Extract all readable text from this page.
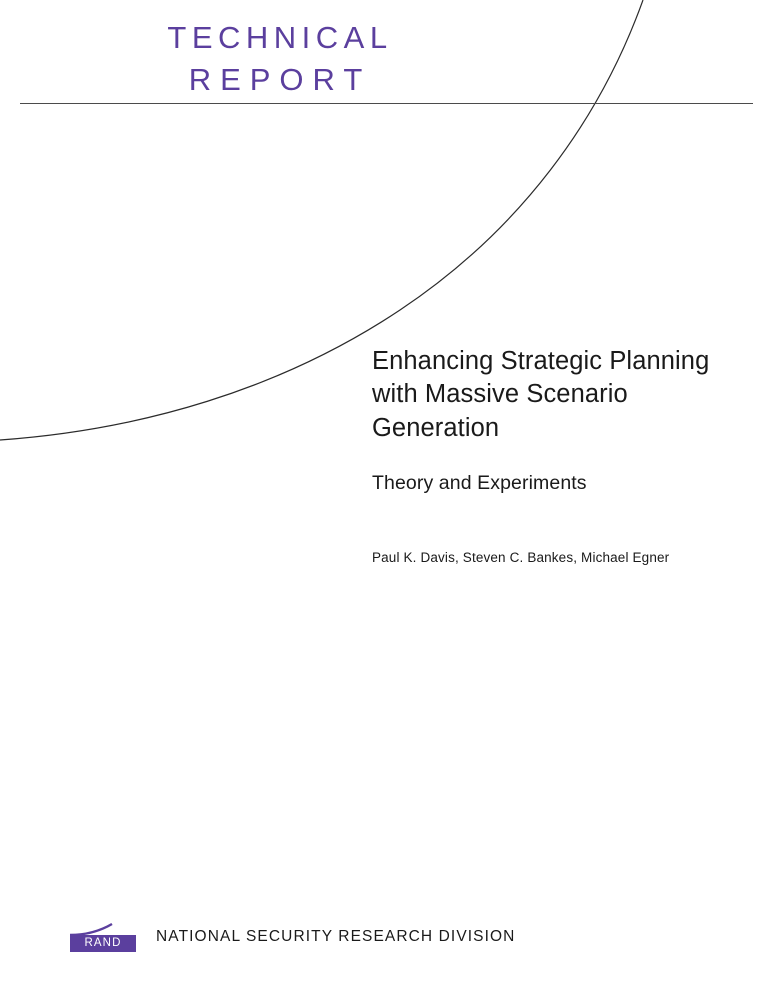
TECHNICAL
REPORT
Enhancing Strategic Planning with Massive Scenario Generation
Theory and Experiments

Paul K. Davis, Steven C. Bankes, Michael Egner

RAND	NATIONAL SECURITY RESEARCH DIVISION
